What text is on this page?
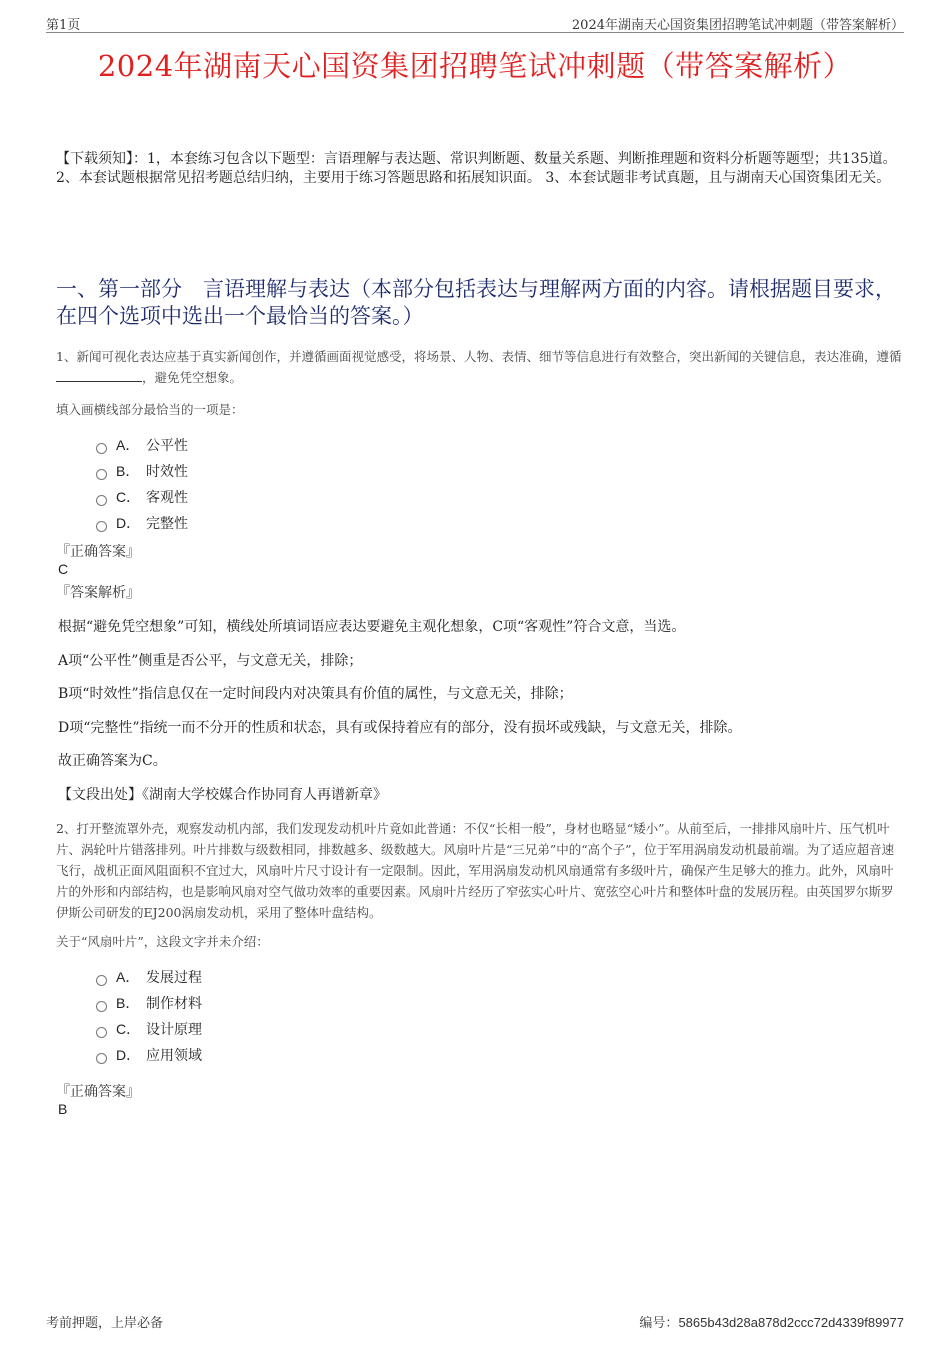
第1页	2024年湖南天心国资集团招聘笔试冲刺题（带答案解析）
2024年湖南天心国资集团招聘笔试冲刺题（带答案解析）
【下载须知】：1，本套练习包含以下题型：言语理解与表达题、常识判断题、数量关系题、判断推理题和资料分析题等题型；共135道。 2、本套试题根据常见招考题总结归纳，主要用于练习答题思路和拓展知识面。 3、本套试题非考试真题，且与湖南天心国资集团无关。
一、第一部分　言语理解与表达（本部分包括表达与理解两方面的内容。请根据题目要求，在四个选项中选出一个最恰当的答案。）
1、新闻可视化表达应基于真实新闻创作，并遵循画面视觉感受，将场景、人物、表情、细节等信息进行有效整合，突出新闻的关键信息，表达准确，遵循，避免凭空想象。
填入画横线部分最恰当的一项是：
A． 公平性
B． 时效性
C． 客观性
D． 完整性
『正确答案』
C
『答案解析』
根据“避免凭空想象”可知，横线处所填词语应表达要避免主观化想象，C项“客观性”符合文意，当选。
A项“公平性”侧重是否公平，与文意无关，排除；
B项“时效性”指信息仅在一定时间段内对决策具有价值的属性，与文意无关，排除；
D项“完整性”指统一而不分开的性质和状态，具有或保持着应有的部分，没有损坏或残缺，与文意无关，排除。
故正确答案为C。
【文段出处】《湖南大学校媒合作协同育人再谱新章》
2、打开整流罩外壳，观察发动机内部，我们发现发动机叶片竟如此普通：不仅“长相一般”，身材也略显“矮小”。从前至后，一排排风扇叶片、压气机叶片、涡轮叶片错落排列。叶片排数与级数相同，排数越多、级数越大。风扇叶片是“三兄弟”中的“高个子”，位于军用涡扇发动机最前端。为了适应超音速飞行，战机正面风阻面积不宜过大，风扇叶片尺寸设计有一定限制。因此，军用涡扇发动机风扇通常有多级叶片，确保产生足够大的推力。此外，风扇叶片的外形和内部结构，也是影响风扇对空气做功效率的重要因素。风扇叶片经历了窄弦实心叶片、宽弦空心叶片和整体叶盘的发展历程。由英国罗尔斯罗伊斯公司研发的EJ200涡扇发动机，采用了整体叶盘结构。
关于“风扇叶片”，这段文字并未介绍：
A． 发展过程
B． 制作材料
C． 设计原理
D． 应用领域
『正确答案』
B
考前押题，上岸必备	编号：5865b43d28a878d2ccc72d4339f89977
